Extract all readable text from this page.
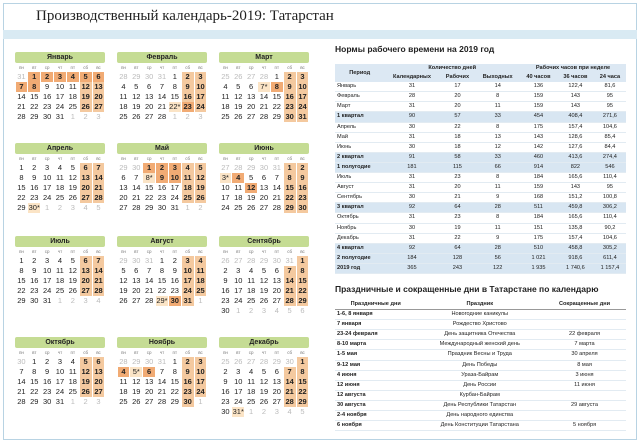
Производственный календарь-2019: Татарстан
Январь
пн	вт	ср	чт	пт	сб	вс
31 1	2	3	4	5	6
7	8	9 10 11 12 13
14 15 16 17 18 19 20
21 22 23 24 25 26 27
28 29 30 31 1	2	3
Февраль
пн	вт	ср	чт	пт	сб	вс
28 29 30 31 1	2	3
4	5	6	7	8	9 10
11 12 13 14 15 16 17
18 19 20 21 22* 23 24
25 26 27 28 1	2	3
Март
пн	вт	ср	чт	пт	сб	вс
25 26 27 28 1	2	3
4	5	6 7* 8	9 10
11 12 13 14 15 16 17
18 19 20 21 22 23 24
25 26 27 28 29 30 31
Апрель
пн	вт	ср	чт	пт	сб	вс
1	2	3	4	5	6	7
8	9 10 11 12 13 14
15 16 17 18 19 20 21
22 23 24 25 26 27 28
29 30* 1	2	3	4	5
Май
пн	вт	ср	чт	пт	сб	вс
29 30 1	2	3	4	5
6	7 8* 9 10 11 12
13 14 15 16 17 18 19
20 21 22 23 24 25 26
27 28 29 30 31 1	2
Июнь
пн	вт	ср	чт	пт	сб	вс
27 28 29 30 31 1	2
3* 4	5	6	7	8	9
10 11 12 13 14 15 16
17 18 19 20 21 22 23
24 25 26 27 28 29 30
Июль
пн	вт	ср	чт	пт	сб	вс
1	2	3	4	5	6	7
8	9 10 11 12 13 14
15 16 17 18 19 20 21
22 23 24 25 26 27 28
29 30 31 1	2	3	4
Август
пн	вт	ср	чт	пт	сб	вс
29 30 31 1	2	3	4
5	6	7	8	9 10 11
12 13 14 15 16 17 18
19 20 21 22 23 24 25
26 27 28 29* 30 31 1
Сентябрь
пн	вт	ср	чт	пт	сб	вс
26 27 28 29 30 31 1
2	3	4	5	6	7	8
9 10 11 12 13 14 15
16 17 18 19 20 21 22
23 24 25 26 27 28 29
30 1	2	3	4	5	6
Октябрь
пн	вт	ср	чт	пт	сб	вс
30 1	2	3	4	5	6
7	8	9 10 11 12 13
14 15 16 17 18 19 20
21 22 23 24 25 26 27
28 29 30 31 1	2	3
Ноябрь
пн	вт	ср	чт	пт	сб	вс
28 29 30 31 1	2	3
4 5* 6	7	8	9 10
11 12 13 14 15 16 17
18 19 20 21 22 23 24
25 26 27 28 29 30 1
Декабрь
пн	вт	ср	чт	пт	сб	вс
25 26 27 28 29 30 1
2	3	4	5	6	7	8
9 10 11 12 13 14 15
16 17 18 19 20 21 22
23 24 25 26 27 28 29
30 31* 1	2	3	4	5
Нормы рабочего времени на 2019 год
Период	Количество дней			Рабочих часов при неделе		
	Календарных	Рабочих	Выходных	40 часов	36 часов	24 часа
Январь	31	17	14	136	122,4	81,6
Февраль	28	20	8	159	143	95
Март	31	20	11	159	143	95
1 квартал	90	57	33	454	408,4	271,6
Апрель	30	22	8	175	157,4	104,6
Май	31	18	13	143	128,6	85,4
Июнь	30	18	12	142	127,6	84,4
2 квартал	91	58	33	460	413,6	274,4
1 полугодие	181	115	66	914	822	546
Июль	31	23	8	184	165,6	110,4
Август	31	20	11	159	143	95
Сентябрь	30	21	9	168	151,2	100,8
3 квартал	92	64	28	511	459,8	306,2
Октябрь	31	23	8	184	165,6	110,4
Ноябрь	30	19	11	151	135,8	90,2
Декабрь	31	22	9	175	157,4	104,6
4 квартал	92	64	28	510	458,8	305,2
2 полугодие	184	128	56	1 021	918,6	611,4
2019 год	365	243	122	1 935	1 740,6	1 157,4
Праздничные и сокращенные дни в Татарстане по календарю
Праздничные дни	Праздник	Сокращенные дни
1-6, 8 января	Новогодние каникулы	
7 января	Рождество Христово	
23-24 февраля	День защитника Отечества	22 февраля
8-10 марта	Международный женский день	7 марта
1-5 мая	Праздник Весны и Труда	30 апреля
9-12 мая	День Победы	8 мая
4 июня	Ураза-Байрам	3 июня
12 июня	День России	11 июня
12 августа	Курбан-Байрам	
30 августа	День Республики Татарстан	29 августа
2-4 ноября	День народного единства	
6 ноября	День Конституции Татарстана	5 ноября
